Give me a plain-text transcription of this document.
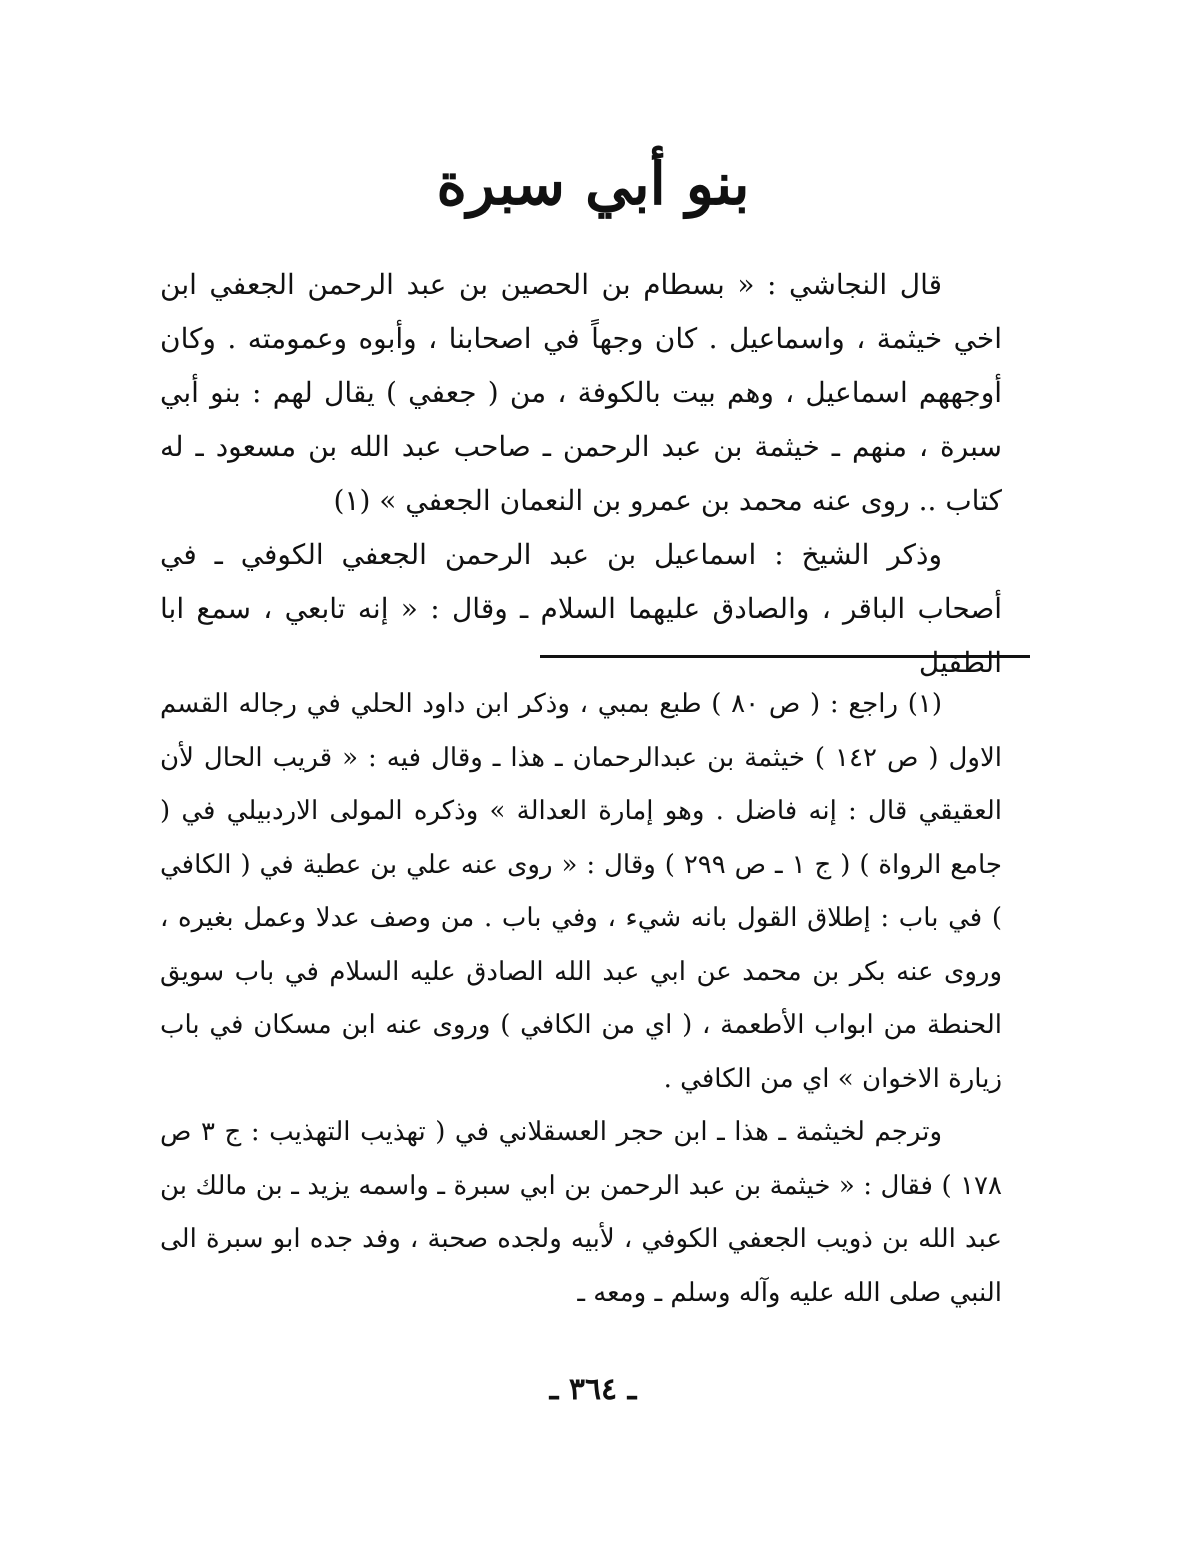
بنو أبي سبرة

قال النجاشي : « بسطام بن الحصين بن عبد الرحمن الجعفي ابن اخي خيثمة ، واسماعيل . كان وجهاً في اصحابنا ، وأبوه وعمومته . وكان أوجههم اسماعيل ، وهم بيت بالكوفة ، من ( جعفي ) يقال لهم : بنو أبي سبرة ، منهم ـ خيثمة بن عبد الرحمن ـ صاحب عبد الله بن مسعود ـ له كتاب .. روى عنه محمد بن عمرو بن النعمان الجعفي » (١)

وذكر الشيخ : اسماعيل بن عبد الرحمن الجعفي الكوفي ـ في أصحاب الباقر ، والصادق عليهما السلام ـ وقال : « إنه تابعي ، سمع ابا الطفيل

(١) راجع : ( ص ٨٠ ) طبع بمبي ، وذكر ابن داود الحلي في رجاله القسم الاول ( ص ١٤٢ ) خيثمة بن عبدالرحمان ـ هذا ـ وقال فيه : « قريب الحال لأن العقيقي قال : إنه فاضل . وهو إمارة العدالة » وذكره المولى الاردبيلي في ( جامع الرواة ) ( ج ١ ـ ص ٢٩٩ ) وقال : « روى عنه علي بن عطية في ( الكافي ) في باب : إطلاق القول بانه شيء ، وفي باب . من وصف عدلا وعمل بغيره ، وروى عنه بكر بن محمد عن ابي عبد الله الصادق عليه السلام في باب سويق الحنطة من ابواب الأطعمة ، ( اي من الكافي ) وروى عنه ابن مسكان في باب زيارة الاخوان » اي من الكافي .

وترجم لخيثمة ـ هذا ـ ابن حجر العسقلاني في ( تهذيب التهذيب : ج ٣ ص ١٧٨ ) فقال : « خيثمة بن عبد الرحمن بن ابي سبرة ـ واسمه يزيد ـ بن مالك بن عبد الله بن ذويب الجعفي الكوفي ، لأبيه ولجده صحبة ، وفد جده ابو سبرة الى النبي صلى الله عليه وآله وسلم ـ ومعه ـ

ـ ٣٦٤ ـ
